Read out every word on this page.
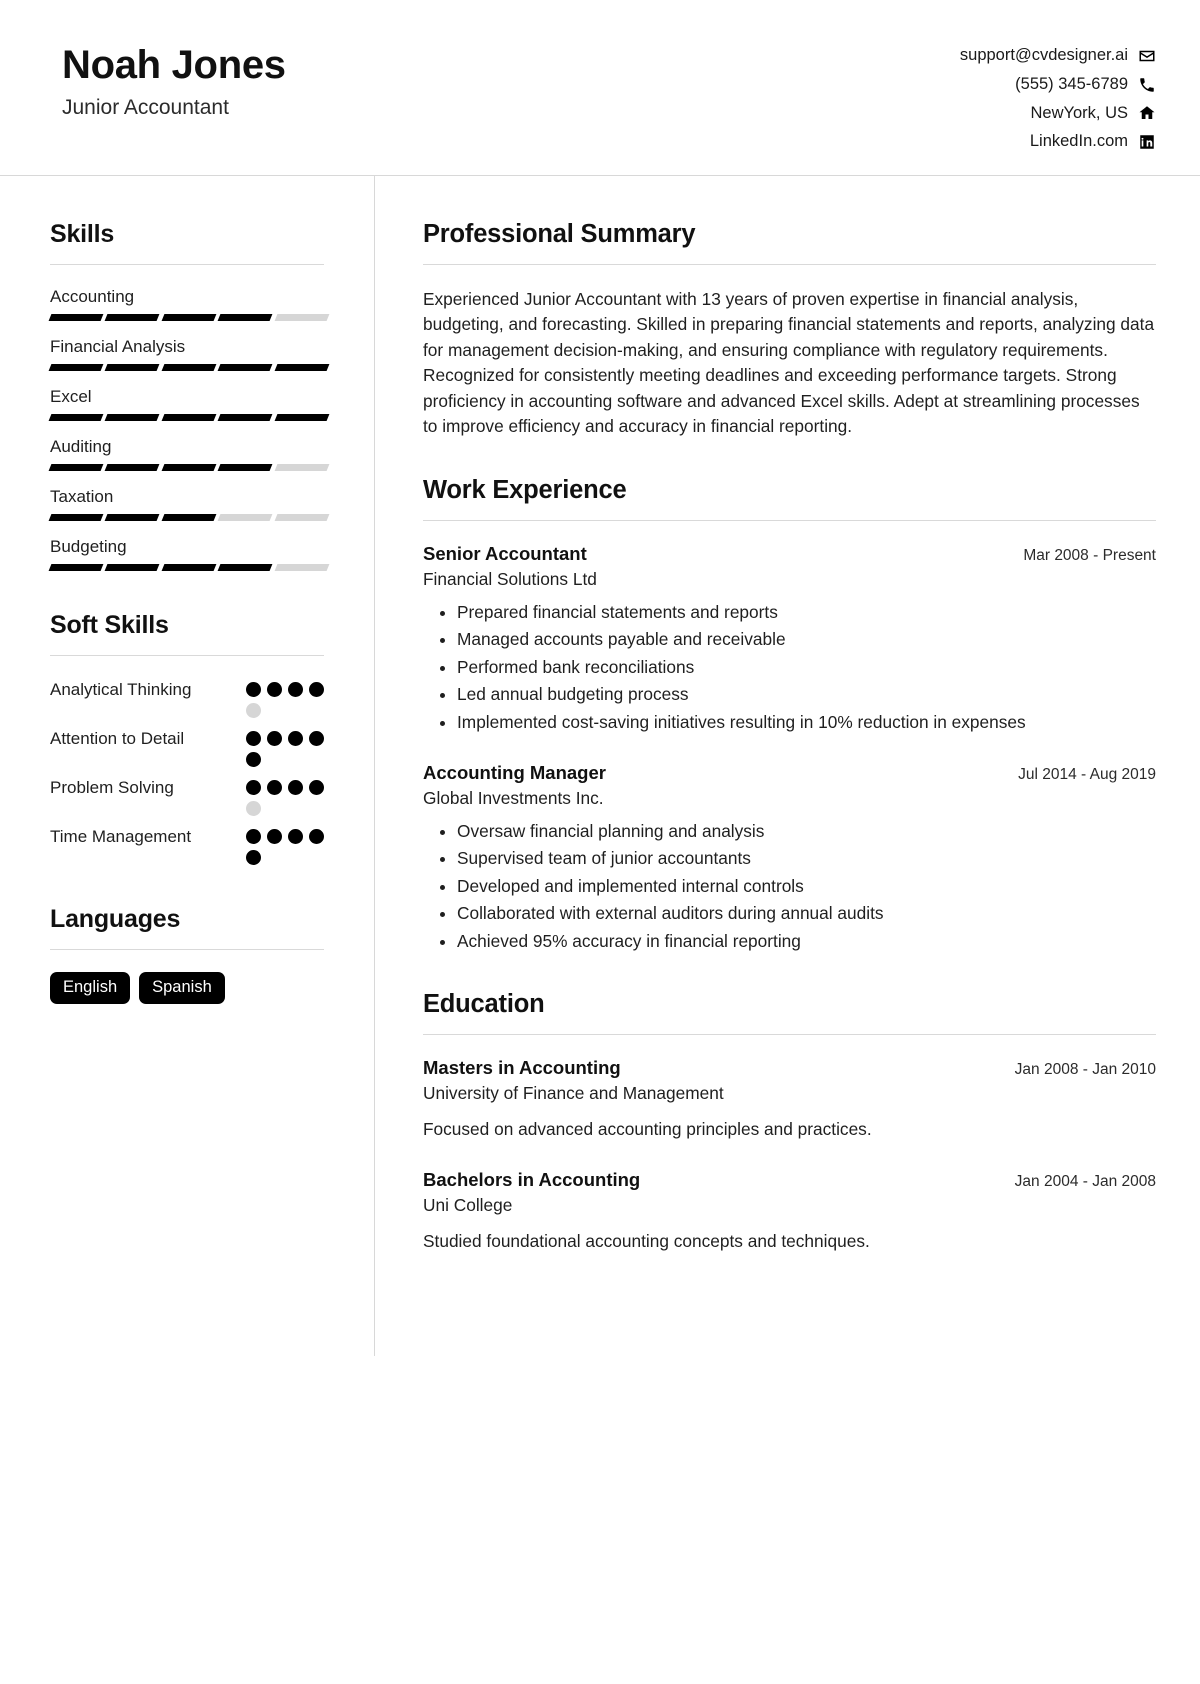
Noah Jones
Junior Accountant
support@cvdesigner.ai
(555) 345-6789
NewYork, US
LinkedIn.com
Skills
Accounting
Financial Analysis
Excel
Auditing
Taxation
Budgeting
Soft Skills
Analytical Thinking
Attention to Detail
Problem Solving
Time Management
Languages
English	Spanish
Professional Summary
Experienced Junior Accountant with 13 years of proven expertise in financial analysis, budgeting, and forecasting. Skilled in preparing financial statements and reports, analyzing data for management decision-making, and ensuring compliance with regulatory requirements. Recognized for consistently meeting deadlines and exceeding performance targets. Strong proficiency in accounting software and advanced Excel skills. Adept at streamlining processes to improve efficiency and accuracy in financial reporting.
Work Experience
Senior Accountant	Mar 2008 - Present
Financial Solutions Ltd
• Prepared financial statements and reports
• Managed accounts payable and receivable
• Performed bank reconciliations
• Led annual budgeting process
• Implemented cost-saving initiatives resulting in 10% reduction in expenses
Accounting Manager	Jul 2014 - Aug 2019
Global Investments Inc.
• Oversaw financial planning and analysis
• Supervised team of junior accountants
• Developed and implemented internal controls
• Collaborated with external auditors during annual audits
• Achieved 95% accuracy in financial reporting
Education
Masters in Accounting	Jan 2008 - Jan 2010
University of Finance and Management
Focused on advanced accounting principles and practices.
Bachelors in Accounting	Jan 2004 - Jan 2008
Uni College
Studied foundational accounting concepts and techniques.
